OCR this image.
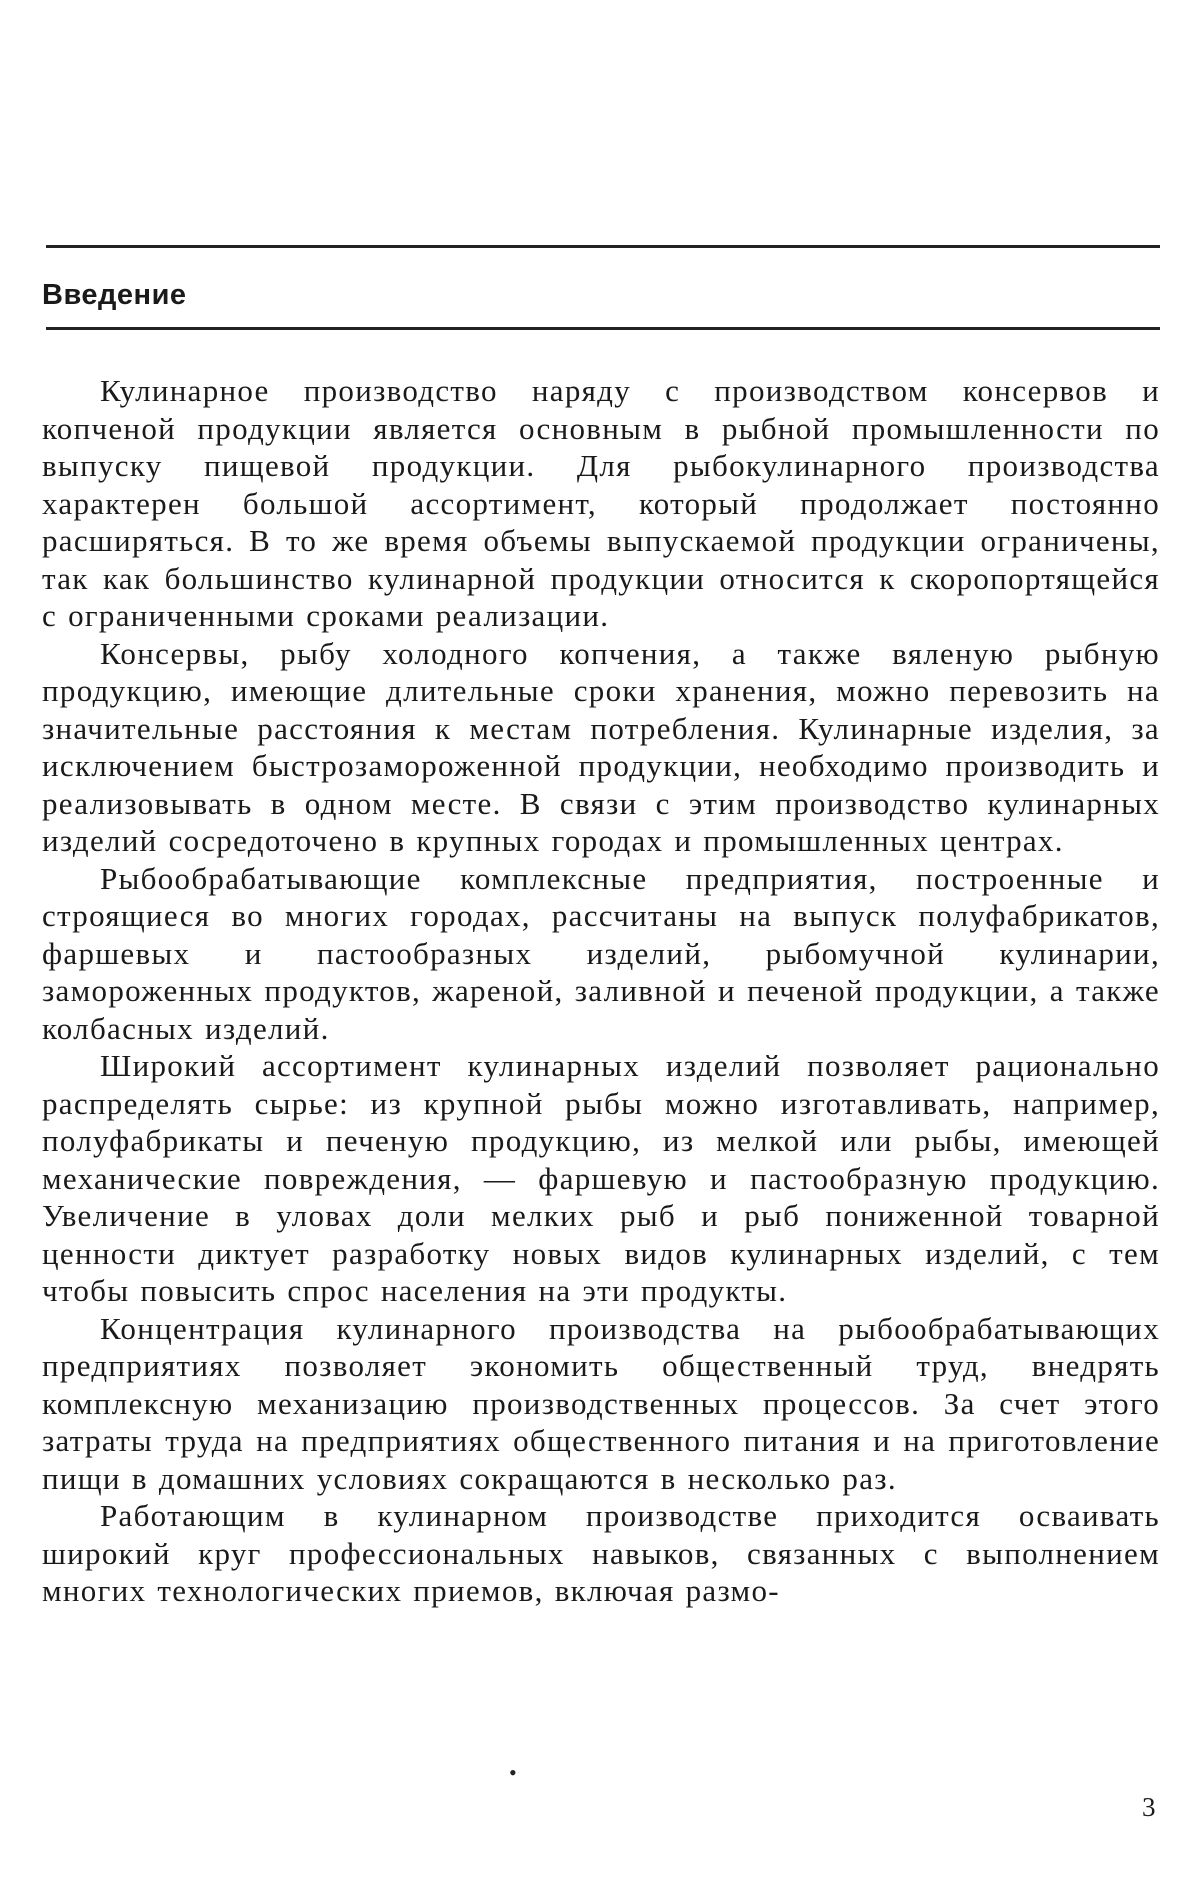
Введение

Кулинарное производство наряду с производством консервов и копченой продукции является основным в рыбной промышленности по выпуску пищевой продукции. Для рыбокулинарного производства характерен большой ассортимент, который продолжает постоянно расширяться. В то же время объемы выпускаемой продукции ограничены, так как большинство кулинарной продукции относится к скоропортящейся с ограниченными сроками реализации.

Консервы, рыбу холодного копчения, а также вяленую рыбную продукцию, имеющие длительные сроки хранения, можно перевозить на значительные расстояния к местам потребления. Кулинарные изделия, за исключением быстрозамороженной продукции, необходимо производить и реализовывать в одном месте. В связи с этим производство кулинарных изделий сосредоточено в крупных городах и промышленных центрах.

Рыбообрабатывающие комплексные предприятия, построенные и строящиеся во многих городах, рассчитаны на выпуск полуфабрикатов, фаршевых и пастообразных изделий, рыбомучной кулинарии, замороженных продуктов, жареной, заливной и печеной продукции, а также колбасных изделий.

Широкий ассортимент кулинарных изделий позволяет рационально распределять сырье: из крупной рыбы можно изготавливать, например, полуфабрикаты и печеную продукцию, из мелкой или рыбы, имеющей механические повреждения, — фаршевую и пастообразную продукцию. Увеличение в уловах доли мелких рыб и рыб пониженной товарной ценности диктует разработку новых видов кулинарных изделий, с тем чтобы повысить спрос населения на эти продукты.

Концентрация кулинарного производства на рыбообрабатывающих предприятиях позволяет экономить общественный труд, внедрять комплексную механизацию производственных процессов. За счет этого затраты труда на предприятиях общественного питания и на приготовление пищи в домашних условиях сокращаются в несколько раз.

Работающим в кулинарном производстве приходится осваивать широкий круг профессиональных навыков, связанных с выполнением многих технологических приемов, включая размо-

•
3
